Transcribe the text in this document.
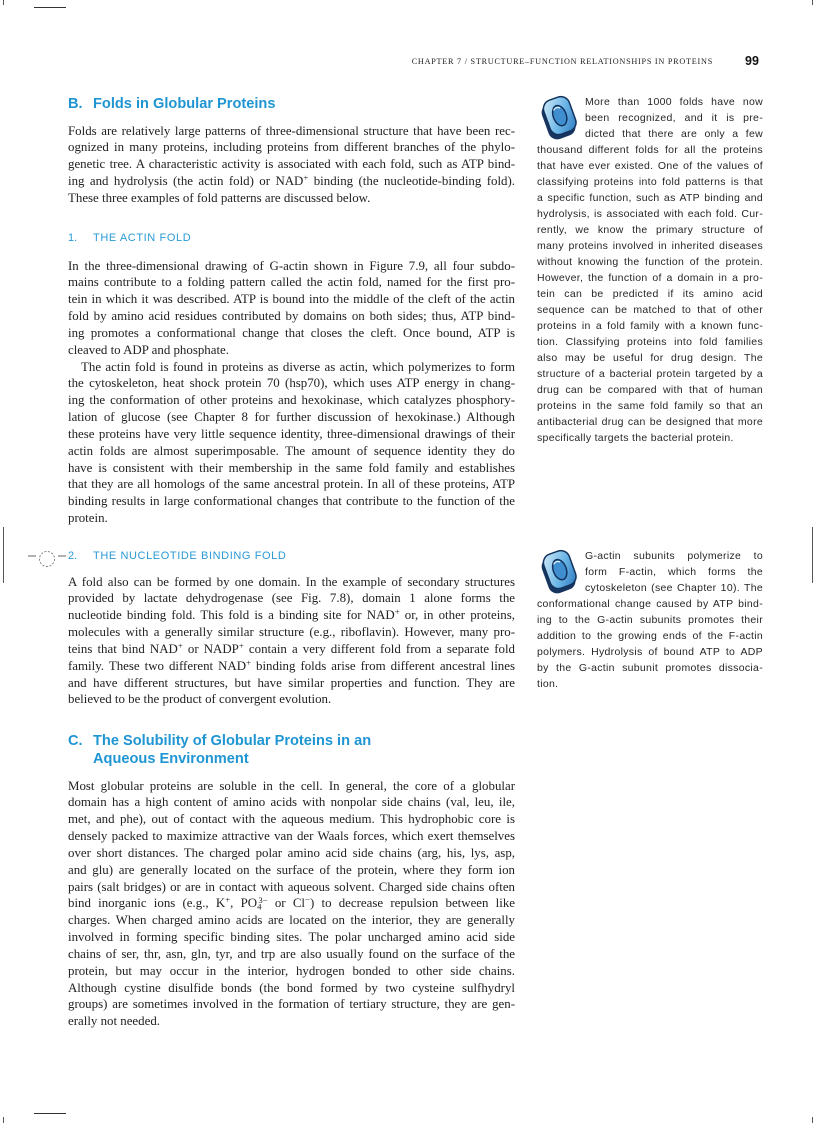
CHAPTER 7 / STRUCTURE–FUNCTION RELATIONSHIPS IN PROTEINS	99
B. Folds in Globular Proteins
Folds are relatively large patterns of three-dimensional structure that have been rec-
ognized in many proteins, including proteins from different branches of the phylo-
genetic tree. A characteristic activity is associated with each fold, such as ATP bind-
ing and hydrolysis (the actin fold) or NAD+ binding (the nucleotide-binding fold).
These three examples of fold patterns are discussed below.
1. THE ACTIN FOLD
In the three-dimensional drawing of G-actin shown in Figure 7.9, all four subdo-
mains contribute to a folding pattern called the actin fold, named for the first pro-
tein in which it was described. ATP is bound into the middle of the cleft of the actin
fold by amino acid residues contributed by domains on both sides; thus, ATP bind-
ing promotes a conformational change that closes the cleft. Once bound, ATP is
cleaved to ADP and phosphate.
The actin fold is found in proteins as diverse as actin, which polymerizes to form
the cytoskeleton, heat shock protein 70 (hsp70), which uses ATP energy in chang-
ing the conformation of other proteins and hexokinase, which catalyzes phosphory-
lation of glucose (see Chapter 8 for further discussion of hexokinase.) Although
these proteins have very little sequence identity, three-dimensional drawings of their
actin folds are almost superimposable. The amount of sequence identity they do
have is consistent with their membership in the same fold family and establishes
that they are all homologs of the same ancestral protein. In all of these proteins, ATP
binding results in large conformational changes that contribute to the function of the
protein.
2. THE NUCLEOTIDE BINDING FOLD
A fold also can be formed by one domain. In the example of secondary structures
provided by lactate dehydrogenase (see Fig. 7.8), domain 1 alone forms the
nucleotide binding fold. This fold is a binding site for NAD+ or, in other proteins,
molecules with a generally similar structure (e.g., riboflavin). However, many pro-
teins that bind NAD+ or NADP+ contain a very different fold from a separate fold
family. These two different NAD+ binding folds arise from different ancestral lines
and have different structures, but have similar properties and function. They are
believed to be the product of convergent evolution.
C. The Solubility of Globular Proteins in an
Aqueous Environment
Most globular proteins are soluble in the cell. In general, the core of a globular
domain has a high content of amino acids with nonpolar side chains (val, leu, ile,
met, and phe), out of contact with the aqueous medium. This hydrophobic core is
densely packed to maximize attractive van der Waals forces, which exert themselves
over short distances. The charged polar amino acid side chains (arg, his, lys, asp,
and glu) are generally located on the surface of the protein, where they form ion
pairs (salt bridges) or are in contact with aqueous solvent. Charged side chains often
bind inorganic ions (e.g., K+, $PO_4^{3-}$ or Cl−) to decrease repulsion between like
charges. When charged amino acids are located on the interior, they are generally
involved in forming specific binding sites. The polar uncharged amino acid side
chains of ser, thr, asn, gln, tyr, and trp are also usually found on the surface of the
protein, but may occur in the interior, hydrogen bonded to other side chains.
Although cystine disulfide bonds (the bond formed by two cysteine sulfhydryl
groups) are sometimes involved in the formation of tertiary structure, they are gen-
erally not needed.
More than 1000 folds have now
been recognized, and it is pre-
dicted that there are only a few
thousand different folds for all the proteins
that have ever existed. One of the values of
classifying proteins into fold patterns is that
a specific function, such as ATP binding and
hydrolysis, is associated with each fold. Cur-
rently, we know the primary structure of
many proteins involved in inherited diseases
without knowing the function of the protein.
However, the function of a domain in a pro-
tein can be predicted if its amino acid
sequence can be matched to that of other
proteins in a fold family with a known func-
tion. Classifying proteins into fold families
also may be useful for drug design. The
structure of a bacterial protein targeted by a
drug can be compared with that of human
proteins in the same fold family so that an
antibacterial drug can be designed that more
specifically targets the bacterial protein.
G-actin subunits polymerize to
form F-actin, which forms the
cytoskeleton (see Chapter 10). The
conformational change caused by ATP bind-
ing to the G-actin subunits promotes their
addition to the growing ends of the F-actin
polymers. Hydrolysis of bound ATP to ADP
by the G-actin subunit promotes dissocia-
tion.
